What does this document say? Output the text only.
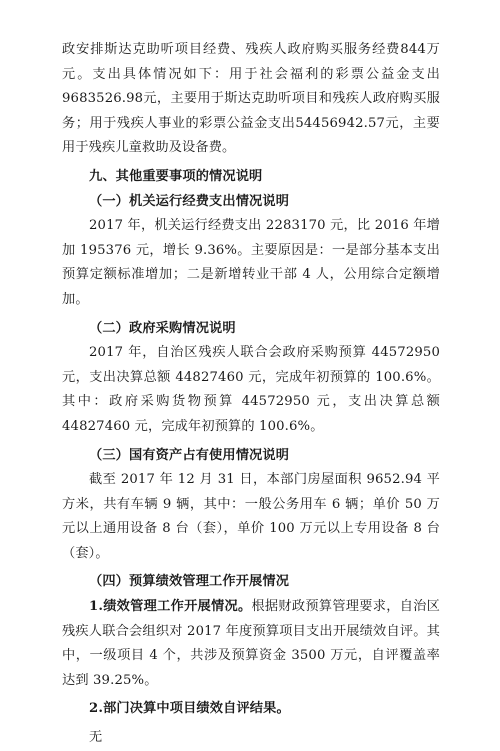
政安排斯达克助听项目经费、残疾人政府购买服务经费844万元。支出具体情况如下：用于社会福利的彩票公益金支出9683526.98元，主要用于斯达克助听项目和残疾人政府购买服务；用于残疾人事业的彩票公益金支出54456942.57元，主要用于残疾儿童救助及设备费。

九、其他重要事项的情况说明

（一）机关运行经费支出情况说明

2017 年，机关运行经费支出 2283170 元，比 2016 年增加 195376 元，增长 9.36%。主要原因是：一是部分基本支出预算定额标准增加；二是新增转业干部 4 人，公用综合定额增加。

（二）政府采购情况说明

2017 年，自治区残疾人联合会政府采购预算 44572950 元，支出决算总额 44827460 元，完成年初预算的 100.6%。其中：政府采购货物预算 44572950 元，支出决算总额 44827460 元，完成年初预算的 100.6%。

（三）国有资产占有使用情况说明

截至 2017 年 12 月 31 日，本部门房屋面积 9652.94 平方米，共有车辆 9 辆，其中：一般公务用车 6 辆；单价 50 万元以上通用设备 8 台（套），单价 100 万元以上专用设备 8 台（套）。

（四）预算绩效管理工作开展情况

1.绩效管理工作开展情况。根据财政预算管理要求，自治区残疾人联合会组织对 2017 年度预算项目支出开展绩效自评。其中，一级项目 4 个，共涉及预算资金 3500 万元，自评覆盖率达到 39.25%。

2.部门决算中项目绩效自评结果。

无
